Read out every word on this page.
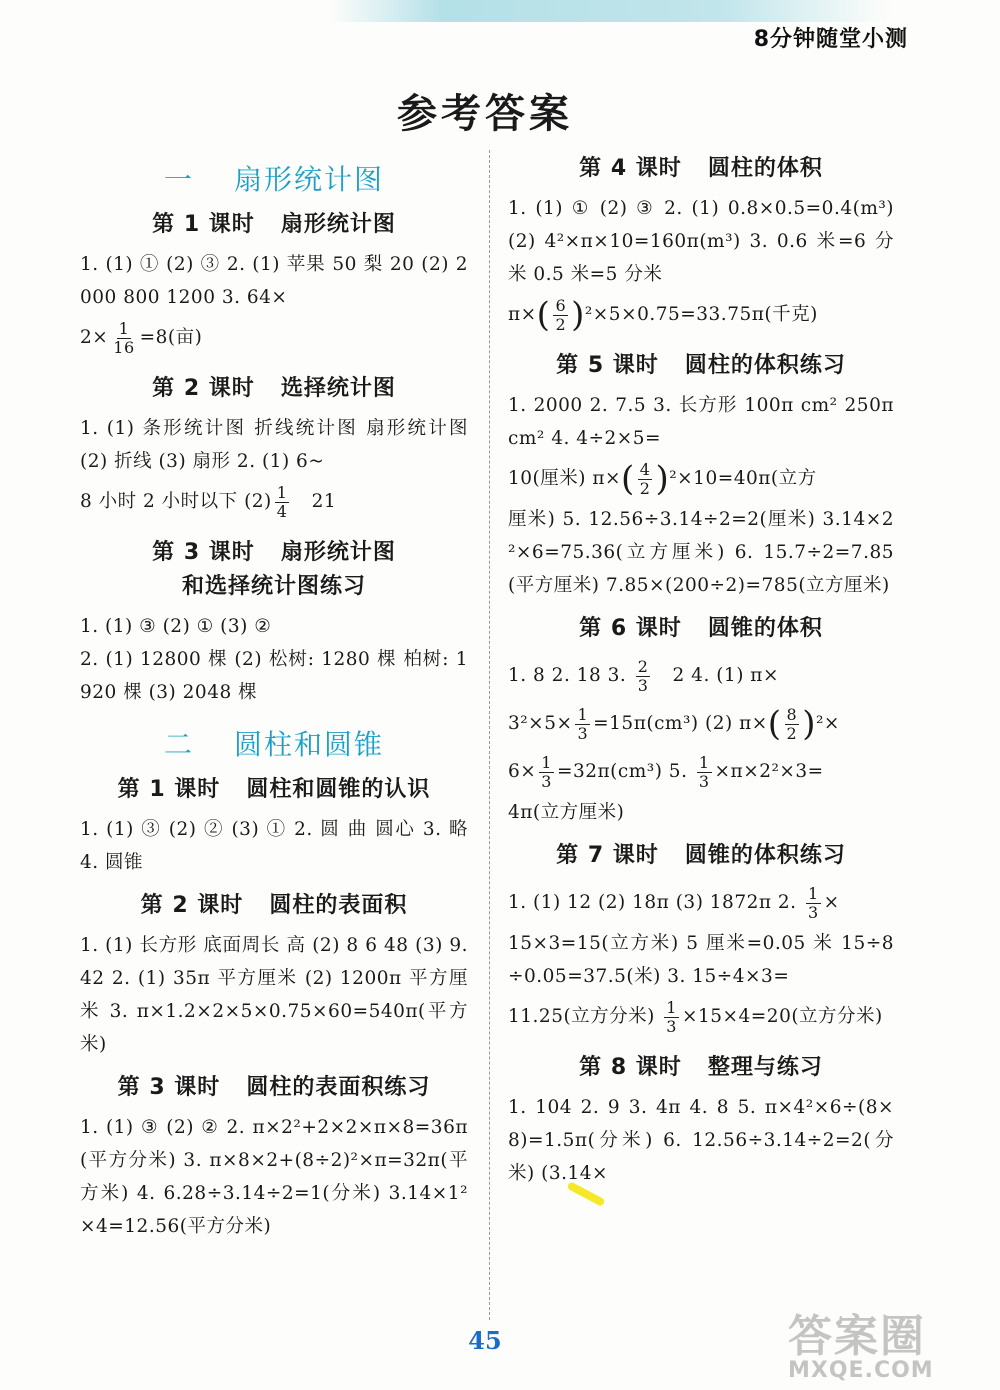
8分钟随堂小测
参考答案
一 扇形统计图
第 1 课时 扇形统计图

1. (1) ① (2) ③ 2. (1) 苹果 50 梨 20 (2) 2000 800 1200 3. 64×

$2\times \frac{1}{16} =8$(亩)

第 2 课时 选择统计图

1. (1) 条形统计图 折线统计图 扇形统计图 (2) 折线 (3) 扇形 2. (1) 6~

8 小时 2 小时以下 $(2) \frac{1}{4} 21$

第 3 课时 扇形统计图
和选择统计图练习

1. (1) ③ (2) ① (3) ②

2. (1) 12800 棵 (2) 松树: 1280 棵 柏树: 1920 棵 (3) 2048 棵

二 圆柱和圆锥
第 1 课时 圆柱和圆锥的认识

1. (1) ③ (2) ② (3) ① 2. 圆 曲 圆心 3. 略 4. 圆锥

第 2 课时 圆柱的表面积

1. (1) 长方形 底面周长 高 (2) 8 6 48 (3) 9.42 2. (1) 35π 平方厘米 (2) 1200π 平方厘米 3. π×1.2×2×5×0.75×60=540π(平方米)

第 3 课时 圆柱的表面积练习

1. (1) ③ (2) ② 2. π×2²+2×2×π×8=36π(平方分米) 3. π×8×2+(8÷2)²×π=32π(平方米) 4. 6.28÷3.14÷2=1(分米) 3.14×1²×4=12.56(平方分米)

第 4 课时 圆柱的体积

1. (1) ① (2) ③ 2. (1) 0.8×0.5=0.4(m³) (2) 4²×π×10=160π(m³) 3. 0.6 米=6 分米 0.5 米=5 分米

$\pi\times( \frac{6}{2} )^2\times 5\times 0.75=33.75\pi$(千克)

第 5 课时 圆柱的体积练习

1. 2000 2. 7.5 3. 长方形 100π cm² 250π cm² 4. 4÷2×5=

10(厘米) $\pi\times( \frac{4}{2} )^2\times 10=40\pi$(立方

厘米) 5. 12.56÷3.14÷2=2(厘米) 3.14×2²×6=75.36(立方厘米) 6. 15.7÷2=7.85(平方厘米) 7.85×(200÷2)=785(立方厘米)

第 6 课时 圆锥的体积

1. 8 2. 18 3. $\frac{2}{3} 2$ 4. (1) π×

$3^2\times 5\times \frac{1}{3} =15\pi(cm^3)$ (2) $\pi\times( \frac{8}{2} )^2\times$

$6\times \frac{1}{3} =32\pi(cm^3)$ 5. $\frac{1}{3} \times\pi\times 2^2\times 3=$

4π(立方厘米)

第 7 课时 圆锥的体积练习

1. (1) 12 (2) 18π (3) 1872π 2. $\frac{1}{3}$ ×

15×3=15(立方米) 5 厘米=0.05 米 15÷8÷0.05=37.5(米) 3. 15÷4×3=

11.25(立方分米) $\frac{1}{3} \times 15\times 4=20$(立方分米)

第 8 课时 整理与练习

1. 104 2. 9 3. 4π 4. 8 5. π×4²×6÷(8×8)=1.5π(分米) 6. 12.56÷3.14÷2=2(分米) (3.14×

45	答案圈
MXQE.COM
